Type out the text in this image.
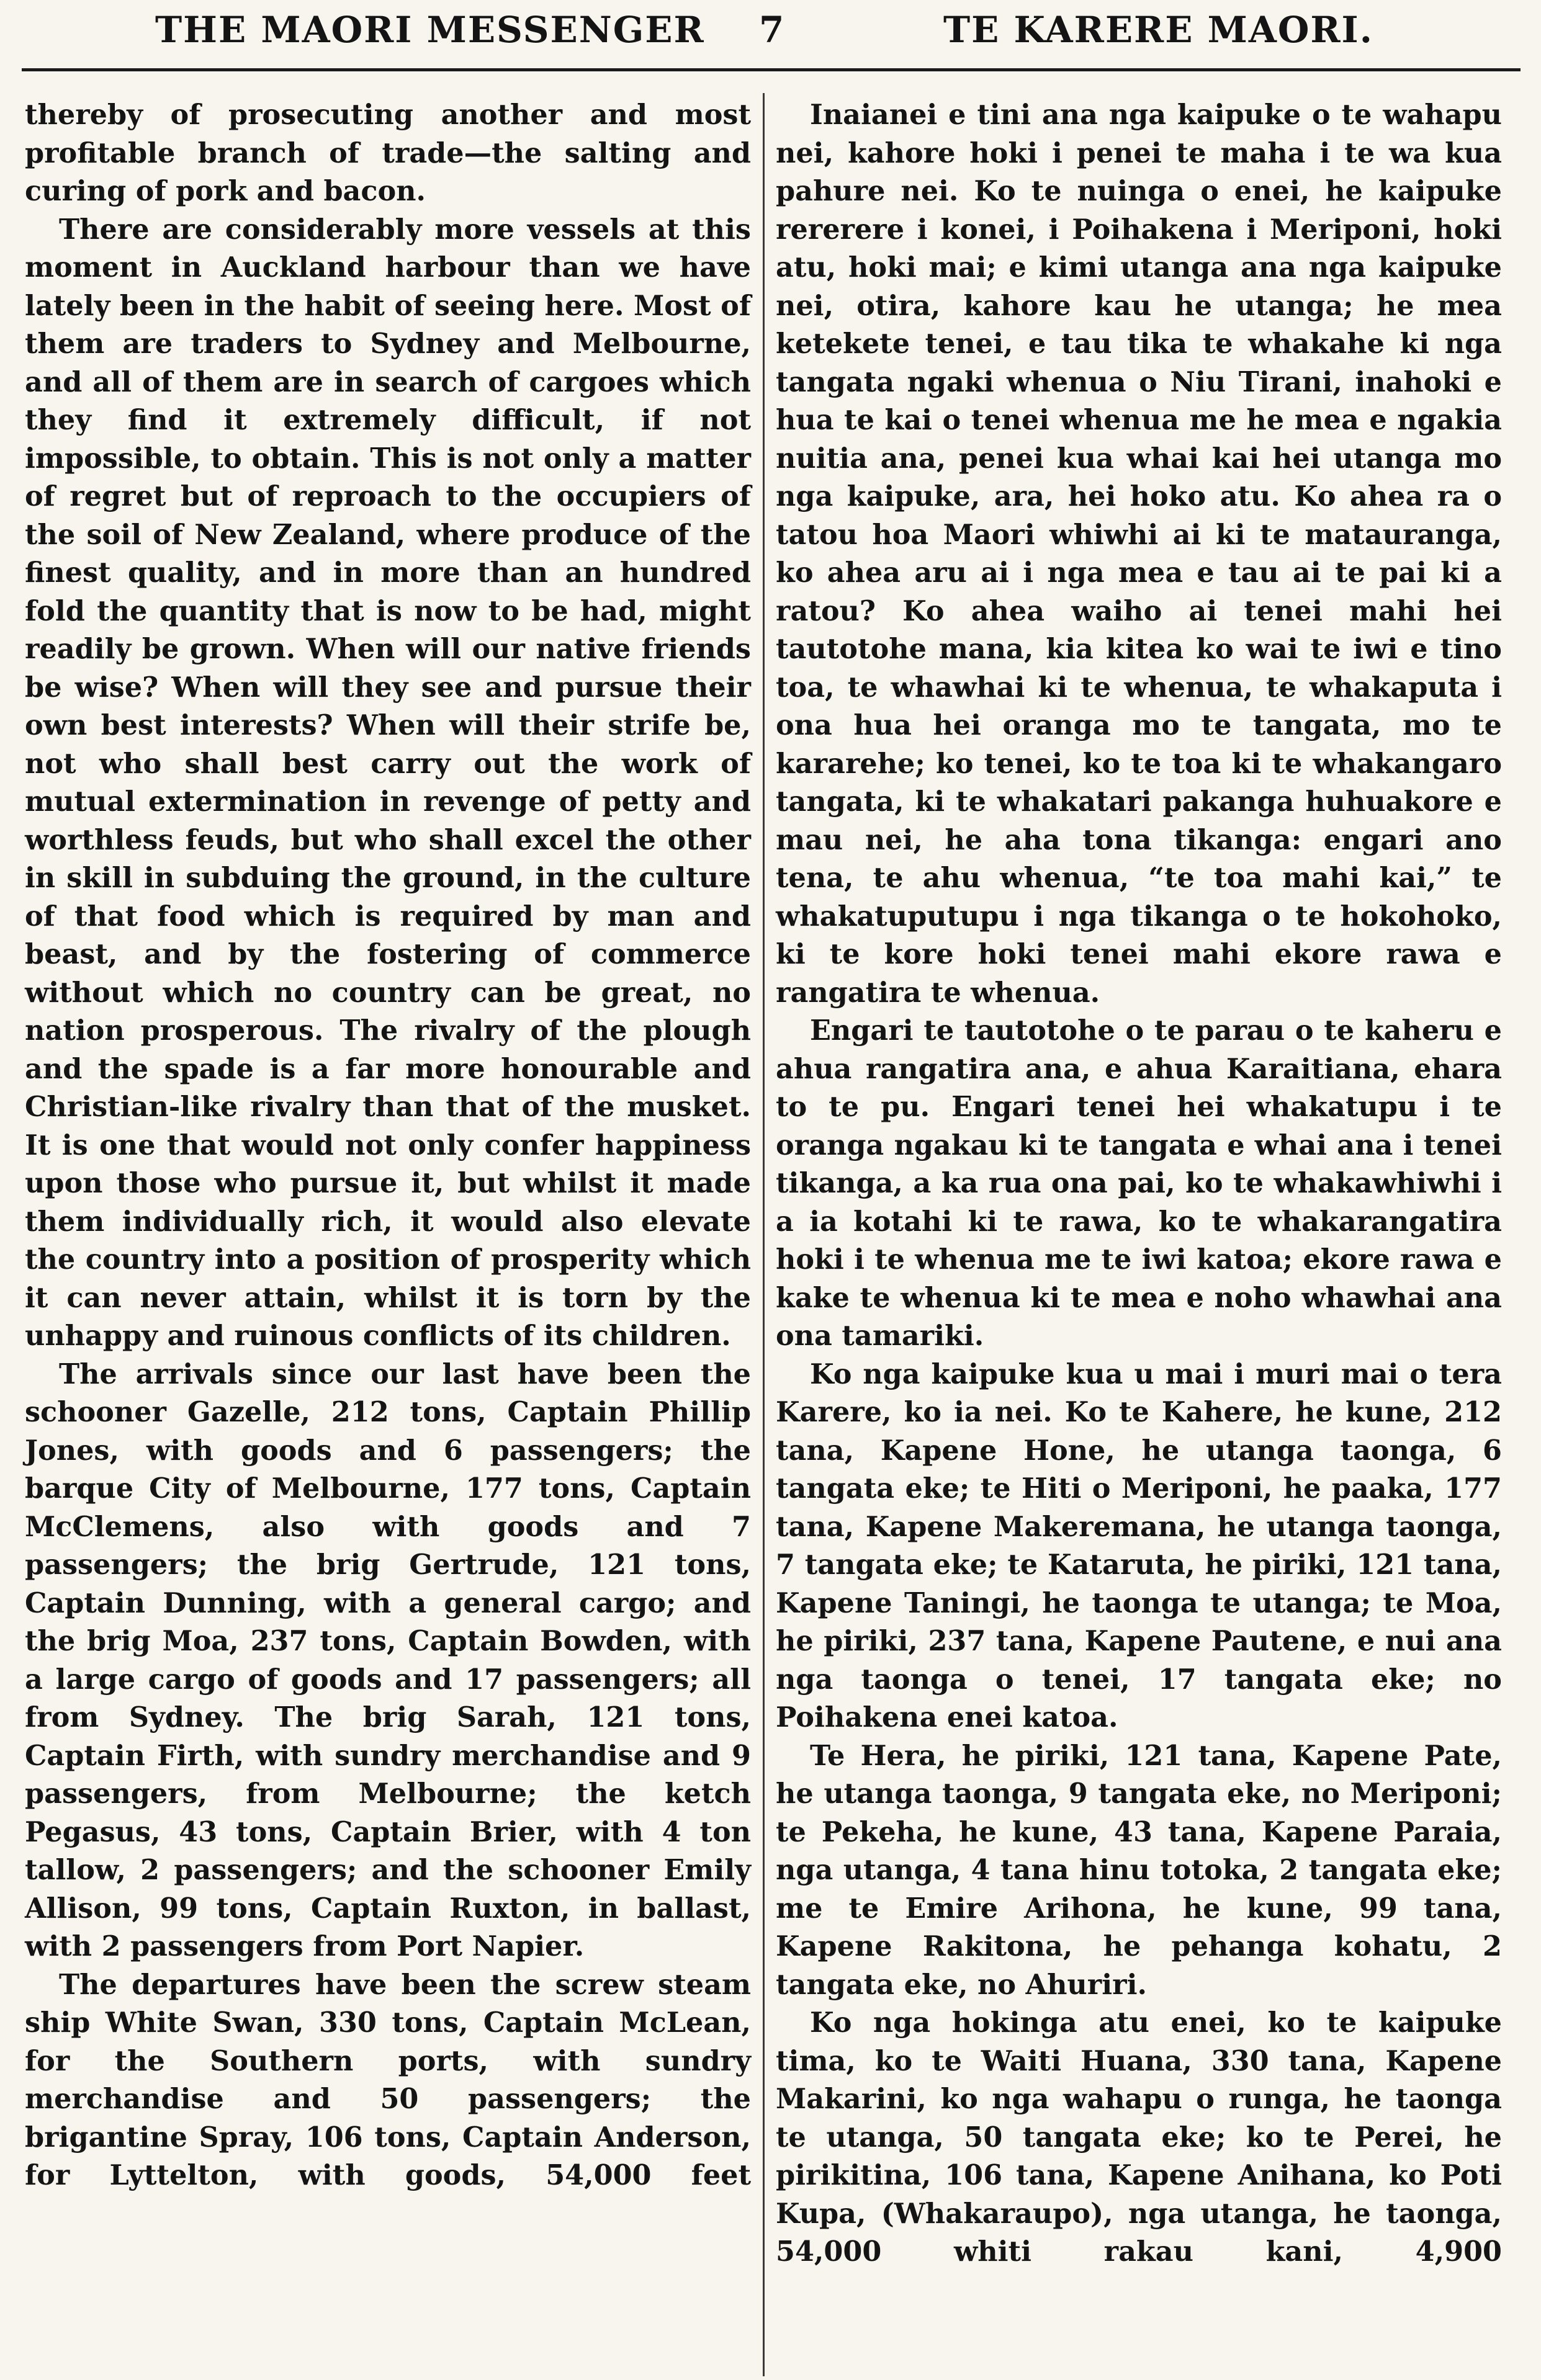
THE MAORI MESSENGER 7	TE KARERE MAORI.

thereby of prosecuting another and most profitable branch of trade—the salting and curing of pork and bacon.

There are considerably more vessels at this moment in Auckland harbour than we have lately been in the habit of seeing here. Most of them are traders to Sydney and Melbourne, and all of them are in search of cargoes which they find it extremely difficult, if not impossible, to obtain. This is not only a matter of regret but of reproach to the occupiers of the soil of New Zealand, where produce of the finest quality, and in more than an hundred fold the quantity that is now to be had, might readily be grown. When will our native friends be wise? When will they see and pursue their own best interests? When will their strife be, not who shall best carry out the work of mutual extermination in revenge of petty and worthless feuds, but who shall excel the other in skill in subduing the ground, in the culture of that food which is required by man and beast, and by the fostering of commerce without which no country can be great, no nation prosperous. The rivalry of the plough and the spade is a far more honourable and Christian-like rivalry than that of the musket. It is one that would not only confer happiness upon those who pursue it, but whilst it made them individually rich, it would also elevate the country into a position of prosperity which it can never attain, whilst it is torn by the unhappy and ruinous conflicts of its children.

The arrivals since our last have been the schooner Gazelle, 212 tons, Captain Phillip Jones, with goods and 6 passengers; the barque City of Melbourne, 177 tons, Captain McClemens, also with goods and 7 passengers; the brig Gertrude, 121 tons, Captain Dunning, with a general cargo; and the brig Moa, 237 tons, Captain Bowden, with a large cargo of goods and 17 passengers; all from Sydney. The brig Sarah, 121 tons, Captain Firth, with sundry merchandise and 9 passengers, from Melbourne; the ketch Pegasus, 43 tons, Captain Brier, with 4 ton tallow, 2 passengers; and the schooner Emily Allison, 99 tons, Captain Ruxton, in ballast, with 2 passengers from Port Napier.

The departures have been the screw steam ship White Swan, 330 tons, Captain McLean, for the Southern ports, with sundry merchandise and 50 passengers; the brigantine Spray, 106 tons, Captain Anderson, for Lyttelton, with goods, 54,000 feet

Inaianei e tini ana nga kaipuke o te wahapu nei, kahore hoki i penei te maha i te wa kua pahure nei. Ko te nuinga o enei, he kaipuke rererere i konei, i Poihakena i Meriponi, hoki atu, hoki mai; e kimi utanga ana nga kaipuke nei, otira, kahore kau he utanga; he mea ketekete tenei, e tau tika te whakahe ki nga tangata ngaki whenua o Niu Tirani, inahoki e hua te kai o tenei whenua me he mea e ngakia nuitia ana, penei kua whai kai hei utanga mo nga kaipuke, ara, hei hoko atu. Ko ahea ra o tatou hoa Maori whiwhi ai ki te matauranga, ko ahea aru ai i nga mea e tau ai te pai ki a ratou? Ko ahea waiho ai tenei mahi hei tautotohe mana, kia kitea ko wai te iwi e tino toa, te whawhai ki te whenua, te whakaputa i ona hua hei oranga mo te tangata, mo te kararehe; ko tenei, ko te toa ki te whakangaro tangata, ki te whakatari pakanga huhuakore e mau nei, he aha tona tikanga: engari ano tena, te ahu whenua, “te toa mahi kai,” te whakatuputupu i nga tikanga o te hokohoko, ki te kore hoki tenei mahi ekore rawa e rangatira te whenua.

Engari te tautotohe o te parau o te kaheru e ahua rangatira ana, e ahua Karaitiana, ehara to te pu. Engari tenei hei whakatupu i te oranga ngakau ki te tangata e whai ana i tenei tikanga, a ka rua ona pai, ko te whakawhiwhi i a ia kotahi ki te rawa, ko te whakarangatira hoki i te whenua me te iwi katoa; ekore rawa e kake te whenua ki te mea e noho whawhai ana ona tamariki.

Ko nga kaipuke kua u mai i muri mai o tera Karere, ko ia nei. Ko te Kahere, he kune, 212 tana, Kapene Hone, he utanga taonga, 6 tangata eke; te Hiti o Meriponi, he paaka, 177 tana, Kapene Makeremana, he utanga taonga, 7 tangata eke; te Kataruta, he piriki, 121 tana, Kapene Taningi, he taonga te utanga; te Moa, he piriki, 237 tana, Kapene Pautene, e nui ana nga taonga o tenei, 17 tangata eke; no Poihakena enei katoa.

Te Hera, he piriki, 121 tana, Kapene Pate, he utanga taonga, 9 tangata eke, no Meriponi; te Pekeha, he kune, 43 tana, Kapene Paraia, nga utanga, 4 tana hinu totoka, 2 tangata eke; me te Emire Arihona, he kune, 99 tana, Kapene Rakitona, he pehanga kohatu, 2 tangata eke, no Ahuriri.

Ko nga hokinga atu enei, ko te kaipuke tima, ko te Waiti Huana, 330 tana, Kapene Makarini, ko nga wahapu o runga, he taonga te utanga, 50 tangata eke; ko te Perei, he pirikitina, 106 tana, Kapene Anihana, ko Poti Kupa, (Whakaraupo), nga utanga, he taonga, 54,000 whiti rakau kani, 4,900
